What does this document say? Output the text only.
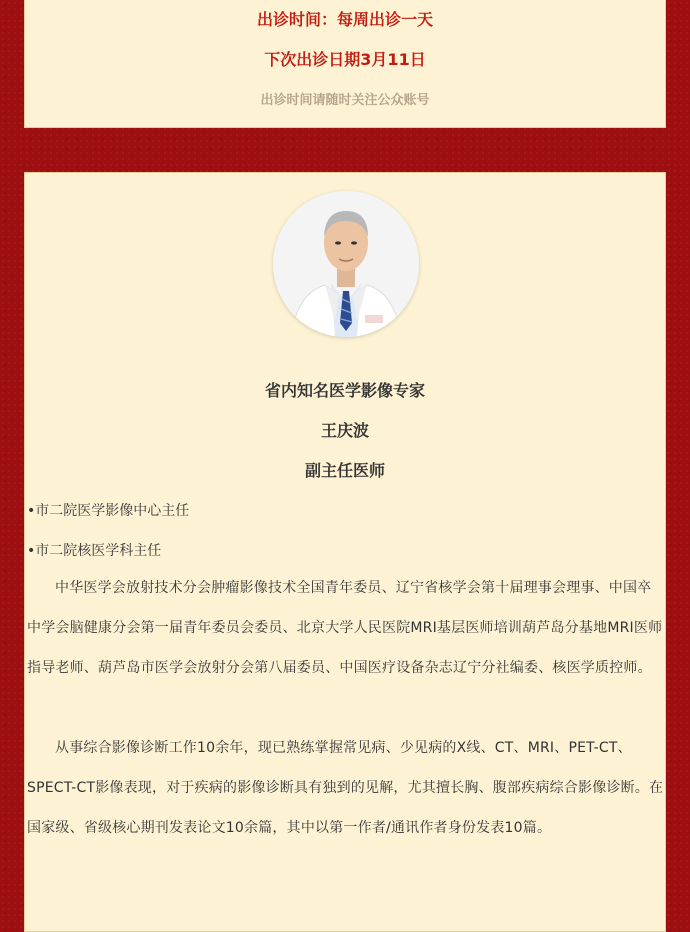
出诊时间：每周出诊一天
下次出诊日期3月11日
出诊时间请随时关注公众账号
省内知名医学影像专家
王庆波
副主任医师
•市二院医学影像中心主任
•市二院核医学科主任
中华医学会放射技术分会肿瘤影像技术全国青年委员、辽宁省核学会第十届理事会理事、中国卒中学会脑健康分会第一届青年委员会委员、北京大学人民医院MRI基层医师培训葫芦岛分基地MRI医师指导老师、葫芦岛市医学会放射分会第八届委员、中国医疗设备杂志辽宁分社编委、核医学质控师。
从事综合影像诊断工作10余年，现已熟练掌握常见病、少见病的X线、CT、MRI、PET-CT、SPECT-CT影像表现，对于疾病的影像诊断具有独到的见解，尤其擅长胸、腹部疾病综合影像诊断。在国家级、省级核心期刊发表论文10余篇，其中以第一作者/通讯作者身份发表10篇。
